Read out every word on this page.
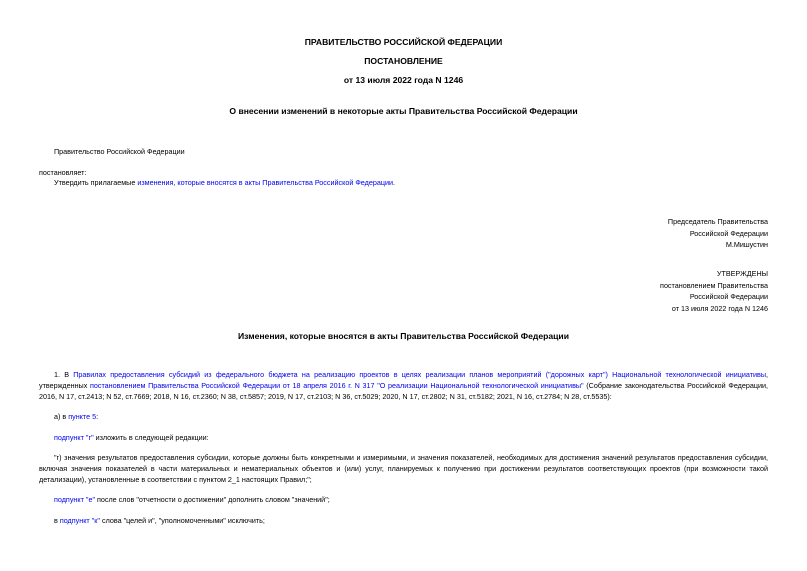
ПРАВИТЕЛЬСТВО РОССИЙСКОЙ ФЕДЕРАЦИИ
ПОСТАНОВЛЕНИЕ
от 13 июля 2022 года N 1246
О внесении изменений в некоторые акты Правительства Российской Федерации
Правительство Российской Федерации
постановляет:
Утвердить прилагаемые изменения, которые вносятся в акты Правительства Российской Федерации.
Председатель Правительства
Российской Федерации
М.Мишустин
УТВЕРЖДЕНЫ
постановлением Правительства
Российской Федерации
от 13 июля 2022 года N 1246
Изменения, которые вносятся в акты Правительства Российской Федерации
1. В Правилах предоставления субсидий из федерального бюджета на реализацию проектов в целях реализации планов мероприятий ("дорожных карт") Национальной технологической инициативы, утвержденных постановлением Правительства Российской Федерации от 18 апреля 2016 г. N 317 "О реализации Национальной технологической инициативы" (Собрание законодательства Российской Федерации, 2016, N 17, ст.2413; N 52, ст.7669; 2018, N 16, ст.2360; N 38, ст.5857; 2019, N 17, ст.2103; N 36, ст.5029; 2020, N 17, ст.2802; N 31, ст.5182; 2021, N 16, ст.2784; N 28, ст.5535):
а) в пункте 5:
подпункт "г" изложить в следующей редакции:
"г) значения результатов предоставления субсидии, которые должны быть конкретными и измеримыми, и значения показателей, необходимых для достижения значений результатов предоставления субсидии, включая значения показателей в части материальных и нематериальных объектов и (или) услуг, планируемых к получению при достижении результатов соответствующих проектов (при возможности такой детализации), установленные в соответствии с пунктом 2_1 настоящих Правил;";
подпункт "е" после слов "отчетности о достижении" дополнить словом "значений";
в подпункт "к" слова "целей и", "уполномоченными" исключить;
